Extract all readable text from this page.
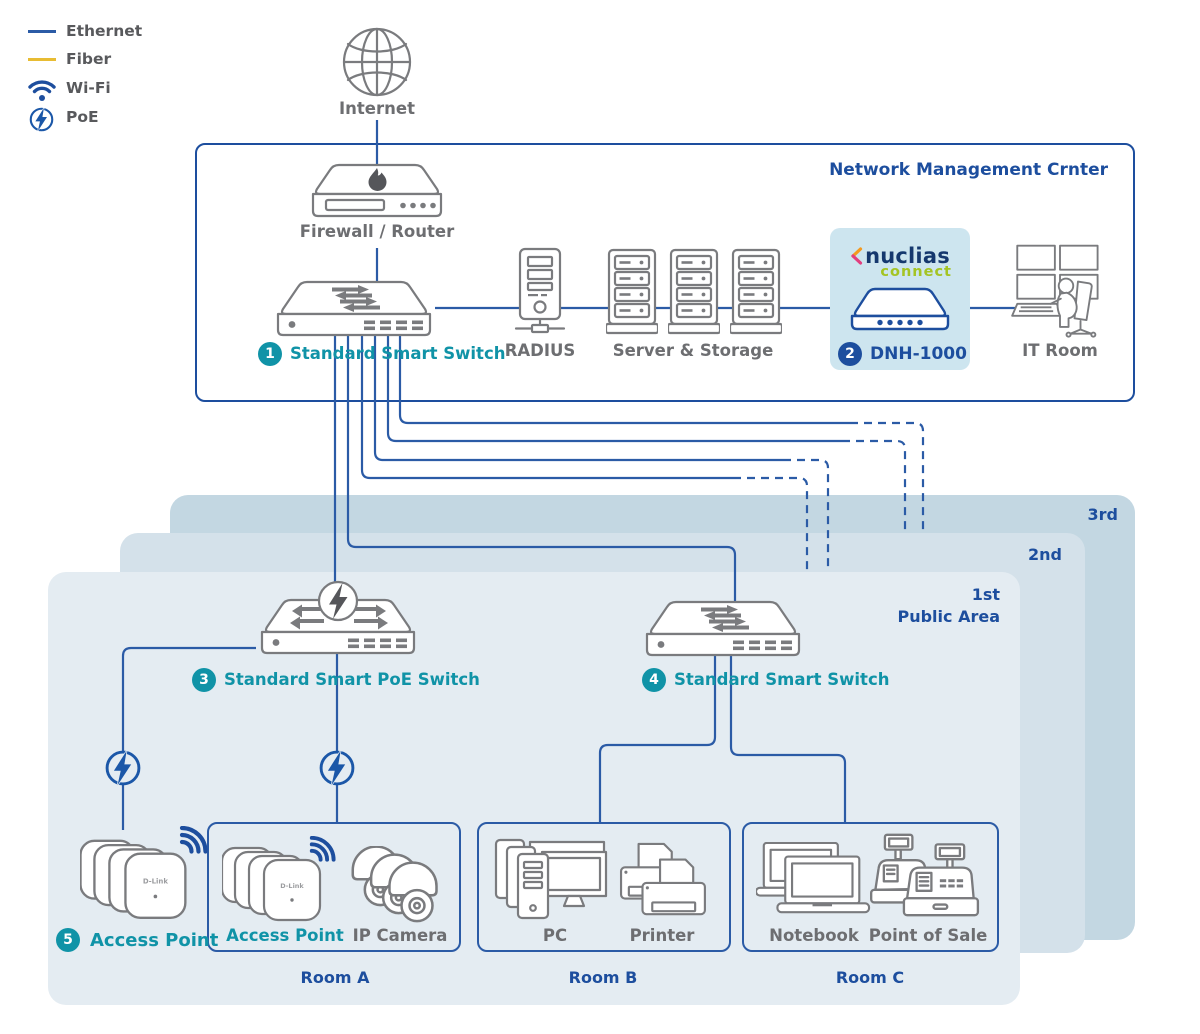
3rd
2nd
1st
Public Area
Ethernet
Fiber
Wi-Fi
PoE
Network Management Crnter
Internet
Firewall / Router
1 Standard Smart Switch RADIUS	Server & Storage
nuclias
connect
2 DNH-1000	IT Room
3 Standard Smart PoE Switch	4 Standard Smart Switch
D-Link
5 Access Point
D-Link
Access Point IP Camera
Room A
PC	Printer
Room B
Notebook Point of Sale
Room C
